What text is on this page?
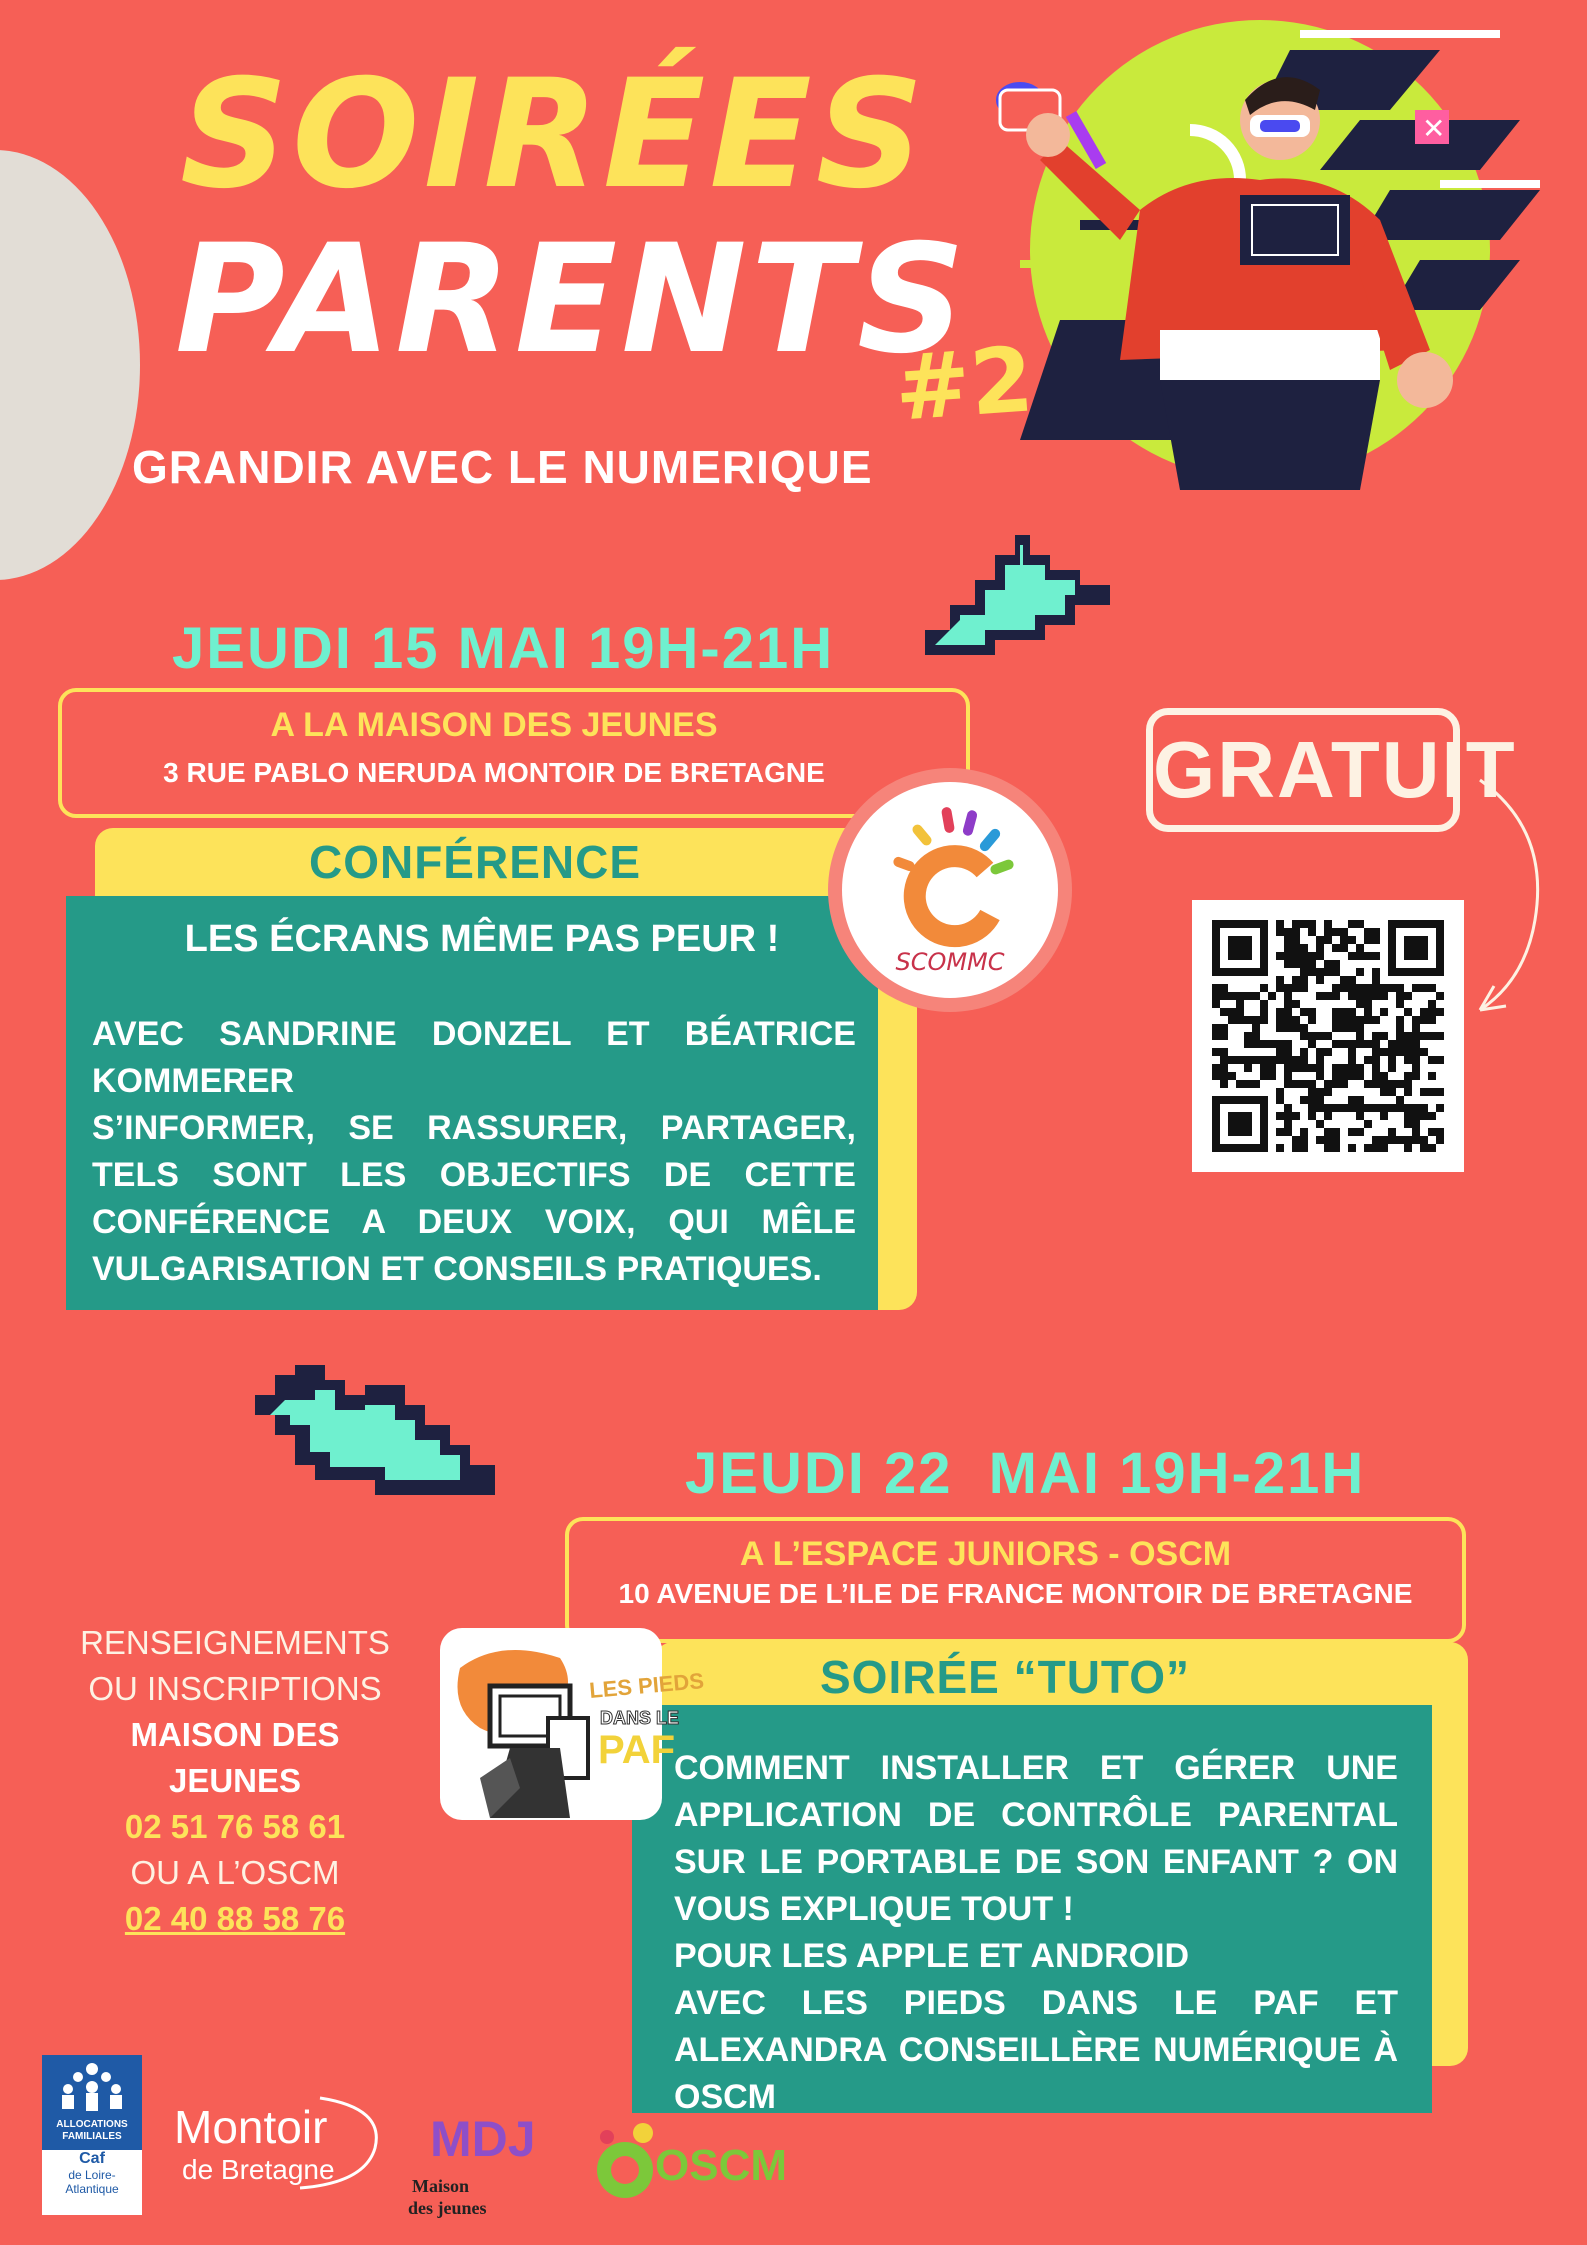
SOIRÉES
PARENTS
#2
GRANDIR AVEC LE NUMERIQUE
✕
JEUDI 15 MAI 19H-21H
A LA MAISON DES JEUNES
3 RUE PABLO NERUDA MONTOIR DE BRETAGNE
CONFÉRENCE
LES ÉCRANS MÊME PAS PEUR !
AVEC SANDRINE DONZEL ET BÉATRICE KOMMERER
S’INFORMER, SE RASSURER, PARTAGER, TELS SONT LES OBJECTIFS DE CETTE CONFÉRENCE A DEUX VOIX, QUI MÊLE VULGARISATION ET CONSEILS PRATIQUES.
SCOMMC
GRATUIT
JEUDI 22  MAI 19H-21H
A L’ESPACE JUNIORS - OSCM
10 AVENUE DE L’ILE DE FRANCE MONTOIR DE BRETAGNE
SOIRÉE “TUTO”
COMMENT INSTALLER ET GÉRER UNE APPLICATION DE CONTRÔLE PARENTAL SUR LE PORTABLE DE SON ENFANT ? ON VOUS EXPLIQUE TOUT !
POUR LES APPLE ET ANDROID
AVEC LES PIEDS DANS LE PAF ET ALEXANDRA CONSEILLÈRE NUMÉRIQUE À OSCM
LES PIEDS
DANS LE
PAF
RENSEIGNEMENTS
OU INSCRIPTIONS
MAISON DES
JEUNES
02 51 76 58 61
OU A L’OSCM
02 40 88 58 76
ALLOCATIONS
FAMILIALES
Caf
de Loire-
Atlantique
Montoir
de Bretagne
MDJ
Maison
des jeunes
OSCM
